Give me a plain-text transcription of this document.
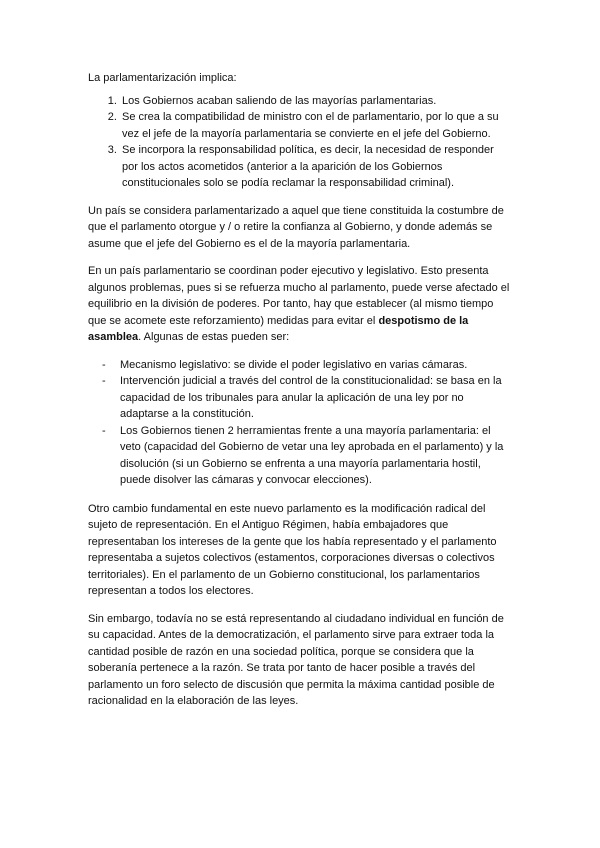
La parlamentarización implica:

1. Los Gobiernos acaban saliendo de las mayorías parlamentarias.
2. Se crea la compatibilidad de ministro con el de parlamentario, por lo que a su vez el jefe de la mayoría parlamentaria se convierte en el jefe del Gobierno.
3. Se incorpora la responsabilidad política, es decir, la necesidad de responder por los actos acometidos (anterior a la aparición de los Gobiernos constitucionales solo se podía reclamar la responsabilidad criminal).

Un país se considera parlamentarizado a aquel que tiene constituida la costumbre de que el parlamento otorgue y / o retire la confianza al Gobierno, y donde además se asume que el jefe del Gobierno es el de la mayoría parlamentaria.

En un país parlamentario se coordinan poder ejecutivo y legislativo. Esto presenta algunos problemas, pues si se refuerza mucho al parlamento, puede verse afectado el equilibrio en la división de poderes. Por tanto, hay que establecer (al mismo tiempo que se acomete este reforzamiento) medidas para evitar el despotismo de la asamblea. Algunas de estas pueden ser:

- Mecanismo legislativo: se divide el poder legislativo en varias cámaras.
- Intervención judicial a través del control de la constitucionalidad: se basa en la capacidad de los tribunales para anular la aplicación de una ley por no adaptarse a la constitución.
- Los Gobiernos tienen 2 herramientas frente a una mayoría parlamentaria: el veto (capacidad del Gobierno de vetar una ley aprobada en el parlamento) y la disolución (si un Gobierno se enfrenta a una mayoría parlamentaria hostil, puede disolver las cámaras y convocar elecciones).

Otro cambio fundamental en este nuevo parlamento es la modificación radical del sujeto de representación. En el Antiguo Régimen, había embajadores que representaban los intereses de la gente que los había representado y el parlamento representaba a sujetos colectivos (estamentos, corporaciones diversas o colectivos territoriales). En el parlamento de un Gobierno constitucional, los parlamentarios representan a todos los electores.

Sin embargo, todavía no se está representando al ciudadano individual en función de su capacidad. Antes de la democratización, el parlamento sirve para extraer toda la cantidad posible de razón en una sociedad política, porque se considera que la soberanía pertenece a la razón. Se trata por tanto de hacer posible a través del parlamento un foro selecto de discusión que permita la máxima cantidad posible de racionalidad en la elaboración de las leyes.
